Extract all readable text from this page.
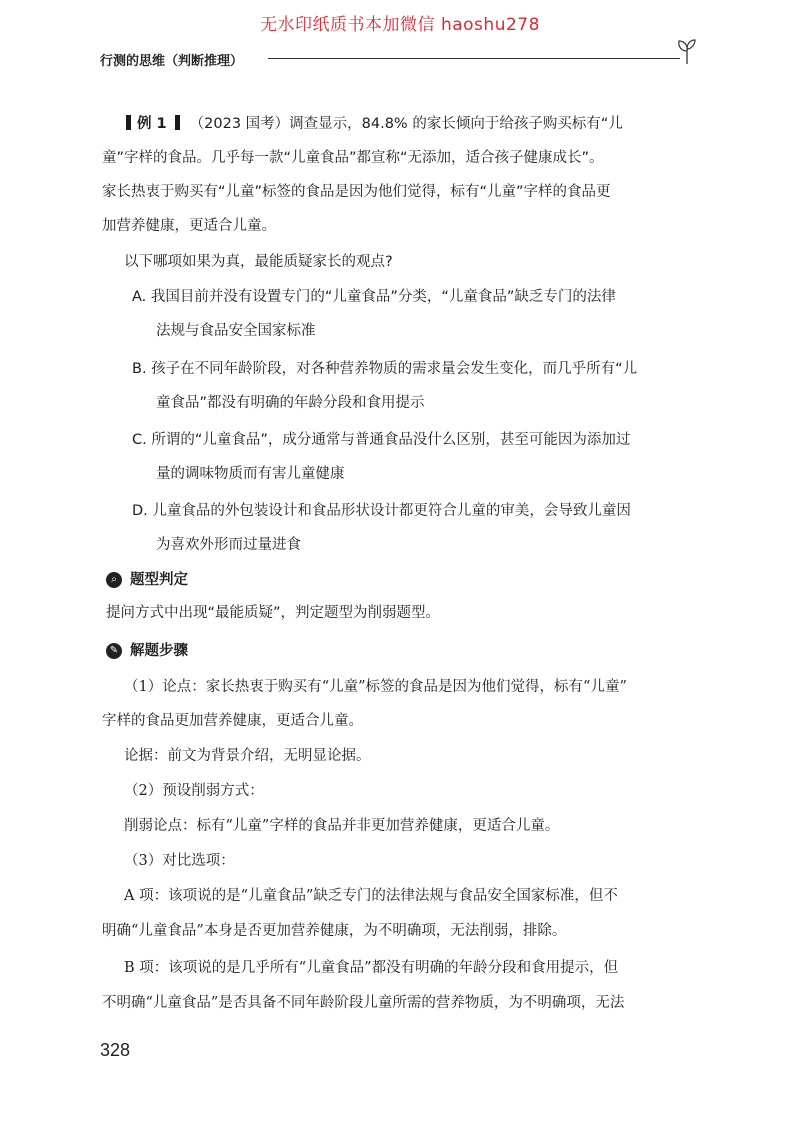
无水印纸质书本加微信 haoshu278
行测的思维（判断推理）
例 1 （2023 国考）调查显示，84.8% 的家长倾向于给孩子购买标有“儿
童”字样的食品。几乎每一款“儿童食品”都宣称“无添加，适合孩子健康成长”。
家长热衷于购买有“儿童”标签的食品是因为他们觉得，标有“儿童”字样的食品更
加营养健康，更适合儿童。
以下哪项如果为真，最能质疑家长的观点?
A. 我国目前并没有设置专门的“儿童食品”分类，“儿童食品”缺乏专门的法律
法规与食品安全国家标准
B. 孩子在不同年龄阶段，对各种营养物质的需求量会发生变化，而几乎所有“儿
童食品”都没有明确的年龄分段和食用提示
C. 所谓的“儿童食品”，成分通常与普通食品没什么区别，甚至可能因为添加过
量的调味物质而有害儿童健康
D. 儿童食品的外包装设计和食品形状设计都更符合儿童的审美，会导致儿童因
为喜欢外形而过量进食
⌕ 题型判定
提问方式中出现“最能质疑”，判定题型为削弱题型。
✎ 解题步骤
（1）论点：家长热衷于购买有“儿童”标签的食品是因为他们觉得，标有“儿童”
字样的食品更加营养健康，更适合儿童。
论据：前文为背景介绍，无明显论据。
（2）预设削弱方式：
削弱论点：标有“儿童”字样的食品并非更加营养健康，更适合儿童。
（3）对比选项：
A 项：该项说的是“儿童食品”缺乏专门的法律法规与食品安全国家标准，但不
明确“儿童食品”本身是否更加营养健康，为不明确项，无法削弱，排除。
B 项：该项说的是几乎所有“儿童食品”都没有明确的年龄分段和食用提示，但
不明确“儿童食品”是否具备不同年龄阶段儿童所需的营养物质，为不明确项，无法
328
